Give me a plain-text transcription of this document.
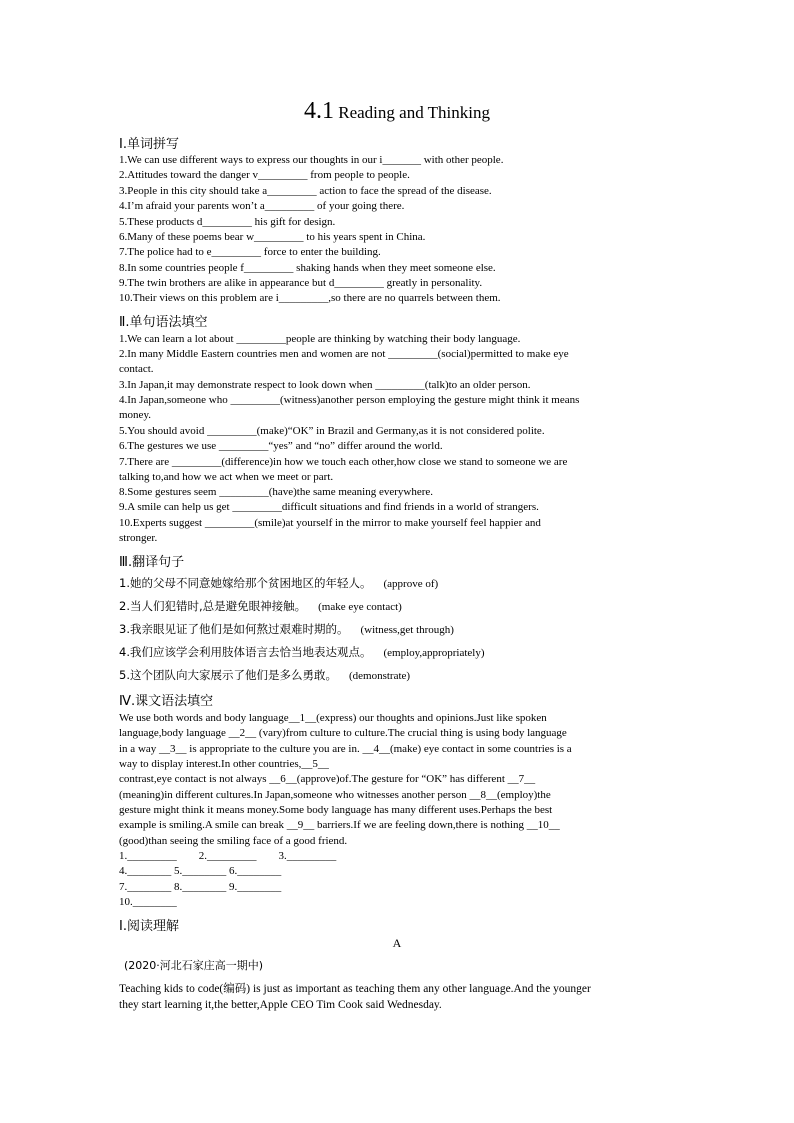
4.1 Reading and Thinking
Ⅰ.单词拼写
1.We can use different ways to express our thoughts in our i_______ with other people.
2.Attitudes toward the danger v_________ from people to people.
3.People in this city should take a_________ action to face the spread of the disease.
4.I’m afraid your parents won’t a_________ of your going there.
5.These products d_________ his gift for design.
6.Many of these poems bear w_________ to his years spent in China.
7.The police had to e_________ force to enter the building.
8.In some countries people f_________ shaking hands when they meet someone else.
9.The twin brothers are alike in appearance but d_________ greatly in personality.
10.Their views on this problem are i_________,so there are no quarrels between them.
Ⅱ.单句语法填空
1.We can learn a lot about _________people are thinking by watching their body language.
2.In many Middle Eastern countries men and women are not _________(social)permitted to make eye
contact.
3.In Japan,it may demonstrate respect to look down when _________(talk)to an older person.
4.In Japan,someone who _________(witness)another person employing the gesture might think it means
money.
5.You should avoid _________(make)“OK” in Brazil and Germany,as it is not considered polite.
6.The gestures we use _________“yes” and “no” differ around the world.
7.There are _________(difference)in how we touch each other,how close we stand to someone we are
talking to,and how we act when we meet or part.
8.Some gestures seem _________(have)the same meaning everywhere.
9.A smile can help us get _________difficult situations and find friends in a world of strangers.
10.Experts suggest _________(smile)at yourself in the mirror to make yourself feel happier and
stronger.
Ⅲ.翻译句子
1.她的父母不同意她嫁给那个贫困地区的年轻人。 (approve of)
2.当人们犯错时,总是避免眼神接触。 (make eye contact)
3.我亲眼见证了他们是如何熬过艰难时期的。 (witness,get through)
4.我们应该学会利用肢体语言去恰当地表达观点。 (employ,appropriately)
5.这个团队向大家展示了他们是多么勇敢。 (demonstrate)
Ⅳ.课文语法填空
We use both words and body language__1__(express) our thoughts and opinions.Just like spoken
language,body language __2__ (vary)from culture to culture.The crucial thing is using body language
in a way __3__ is appropriate to the culture you are in. __4__(make) eye contact in some countries is a
way to display interest.In other countries,__5__
contrast,eye contact is not always __6__(approve)of.The gesture for “OK” has different __7__
(meaning)in different cultures.In Japan,someone who witnesses another person __8__(employ)the
gesture might think it means money.Some body language has many different uses.Perhaps the best
example is smiling.A smile can break __9__ barriers.If we are feeling down,there is nothing __10__
(good)than seeing the smiling face of a good friend.
1._________        2._________        3._________
4.________ 5.________ 6.________
7.________ 8.________ 9.________
10.________
Ⅰ.阅读理解
A
(2020·河北石家庄高一期中)
Teaching kids to code(编码) is just as important as teaching them any other language.And the younger
they start learning it,the better,Apple CEO Tim Cook said Wednesday.
